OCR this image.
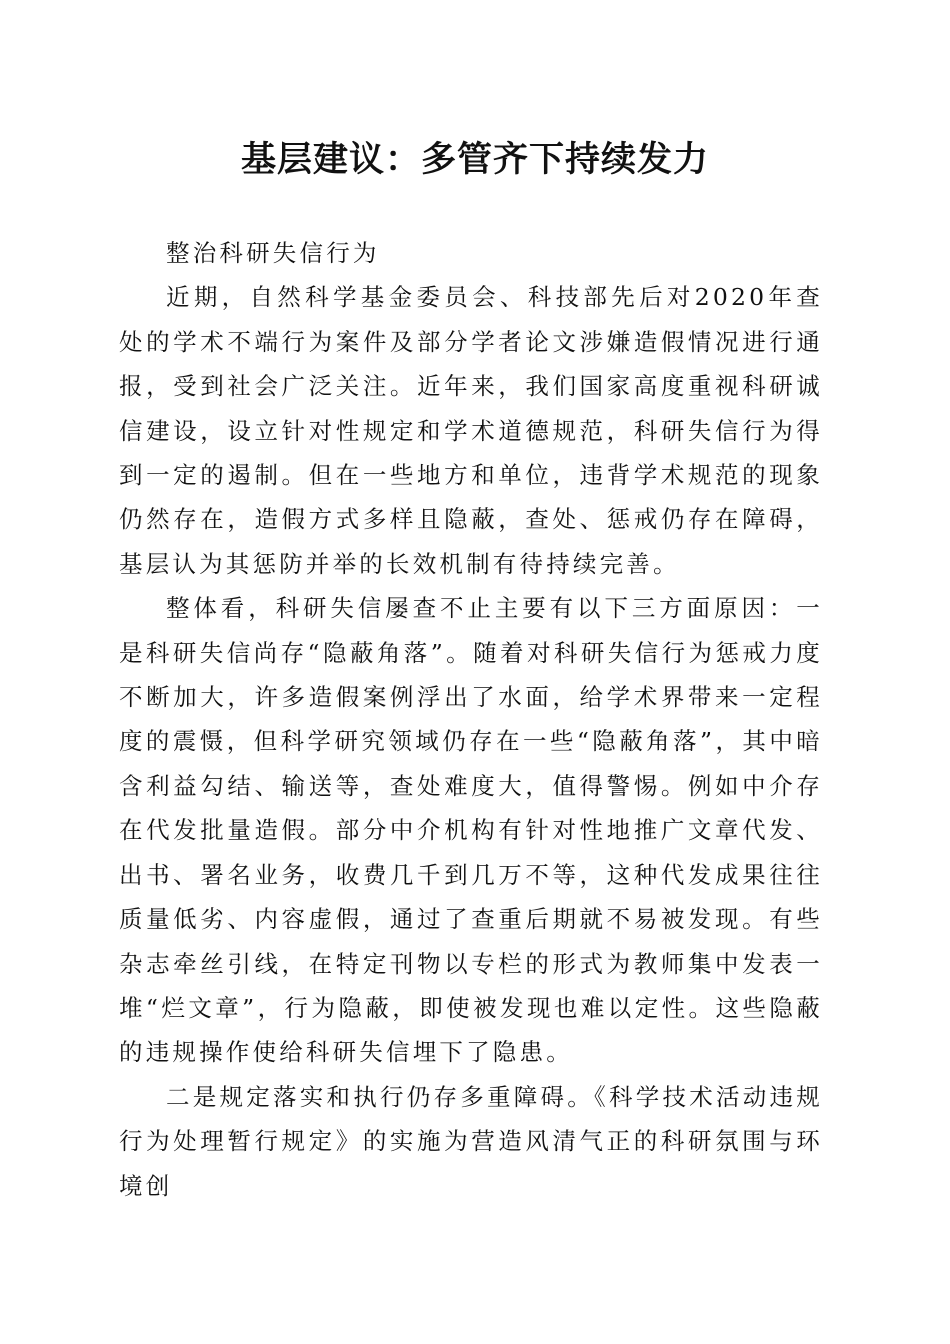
基层建议：多管齐下持续发力

整治科研失信行为

近期，自然科学基金委员会、科技部先后对2020年查处的学术不端行为案件及部分学者论文涉嫌造假情况进行通报，受到社会广泛关注。近年来，我们国家高度重视科研诚信建设，设立针对性规定和学术道德规范，科研失信行为得到一定的遏制。但在一些地方和单位，违背学术规范的现象仍然存在，造假方式多样且隐蔽，查处、惩戒仍存在障碍，基层认为其惩防并举的长效机制有待持续完善。

整体看，科研失信屡查不止主要有以下三方面原因：一是科研失信尚存“隐蔽角落”。随着对科研失信行为惩戒力度不断加大，许多造假案例浮出了水面，给学术界带来一定程度的震慑，但科学研究领域仍存在一些“隐蔽角落”，其中暗含利益勾结、输送等，查处难度大，值得警惕。例如中介存在代发批量造假。部分中介机构有针对性地推广文章代发、出书、署名业务，收费几千到几万不等，这种代发成果往往质量低劣、内容虚假，通过了查重后期就不易被发现。有些杂志牵丝引线，在特定刊物以专栏的形式为教师集中发表一堆“烂文章”，行为隐蔽，即使被发现也难以定性。这些隐蔽的违规操作使给科研失信埋下了隐患。

二是规定落实和执行仍存多重障碍。《科学技术活动违规行为处理暂行规定》的实施为营造风清气正的科研氛围与环境创
